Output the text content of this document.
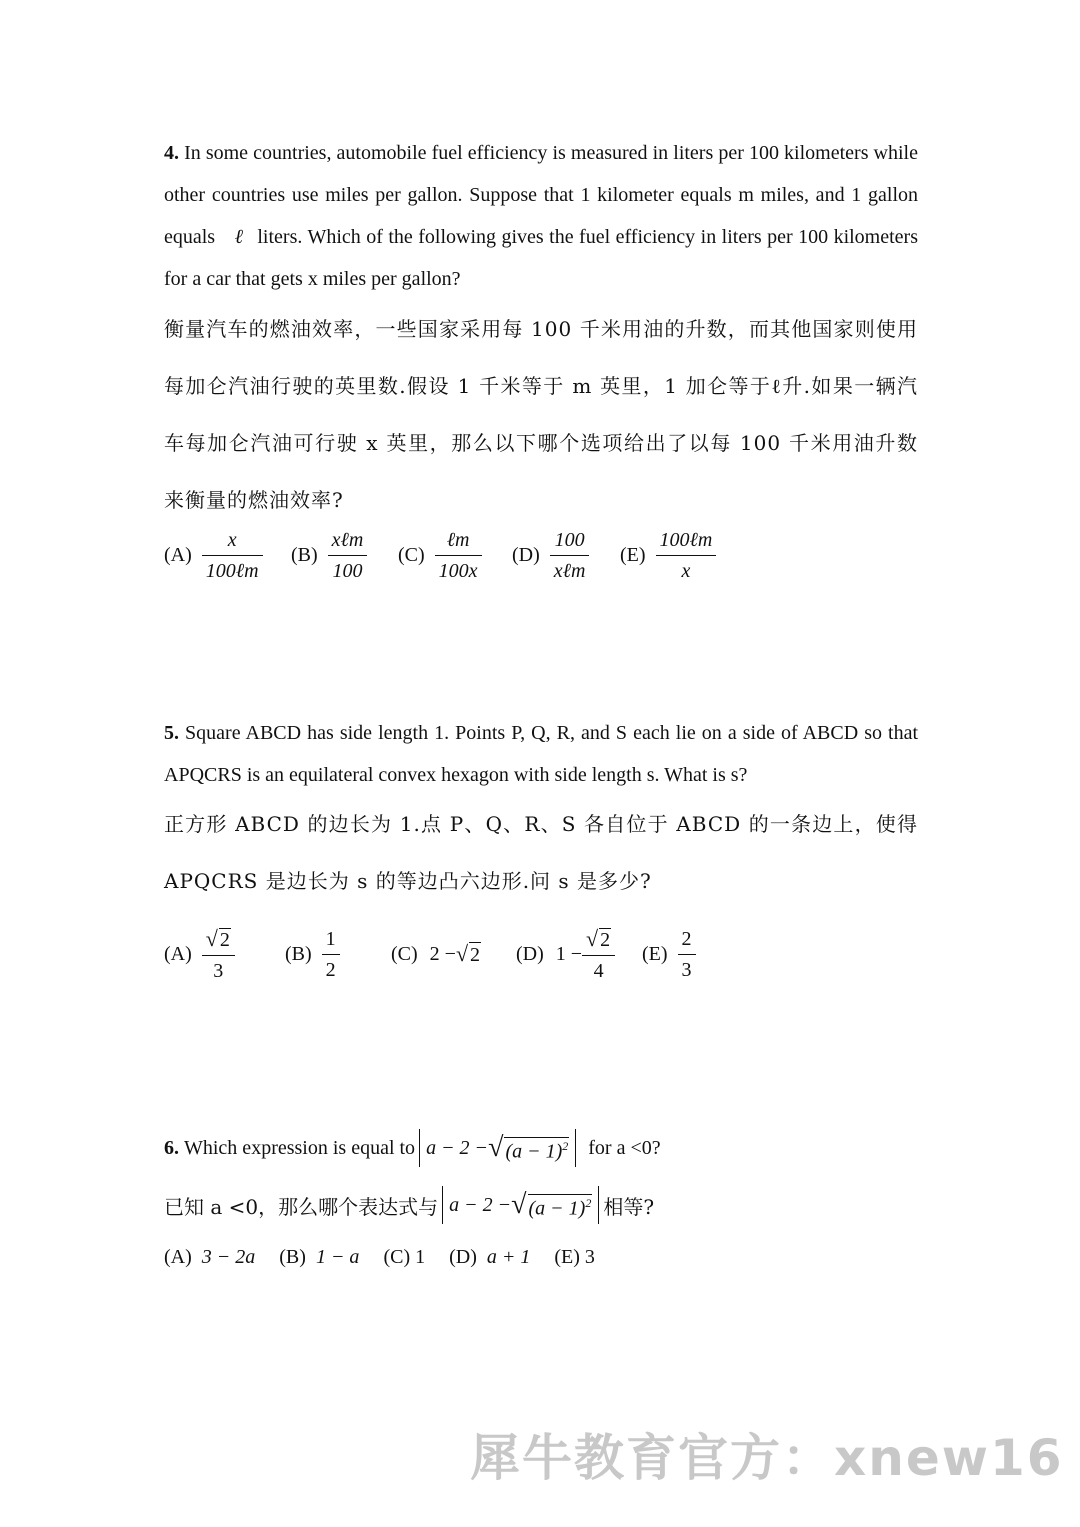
4. In some countries, automobile fuel efficiency is measured in liters per 100 kilometers while other countries use miles per gallon. Suppose that 1 kilometer equals m miles, and 1 gallon equals ℓ liters. Which of the following gives the fuel efficiency in liters per 100 kilometers for a car that gets x miles per gallon?

衡量汽车的燃油效率，一些国家采用每 100 千米用油的升数，而其他国家则使用每加仑汽油行驶的英里数.假设 1 千米等于 m 英里，1 加仑等于ℓ升.如果一辆汽车每加仑汽油可行驶 x 英里，那么以下哪个选项给出了以每 100 千米用油升数来衡量的燃油效率?

$(A) \frac{x}{\text{100ℓm}} (B) \frac{\text{xℓm}}{100} (C) \frac{\text{ℓm}}{100x} (D) \frac{100}{\text{xℓm}} (E) \frac{\text{100ℓm}}{x}$

5. Square ABCD has side length 1. Points P, Q, R, and S each lie on a side of ABCD so that APQCRS is an equilateral convex hexagon with side length s. What is s?

正方形 ABCD 的边长为 1.点 P、Q、R、S 各自位于 ABCD 的一条边上，使得 APQCRS 是边长为 s 的等边凸六边形.问 s 是多少?

$(A) \frac{√ 2}{3}$	$(B) \frac{1}{2}$	(C) 2 − √ 2 (D) $1 - \frac{√ 2}{4} (E) \frac{2}{3}$
6.
Which expression is equal to a − 2 − √ $(a - 1)^2$ for a <0?
已知 a <0，那么哪个表达式与 a − 2 − √ $(a - 1)^2$ 相等?
(A)
3 − 2a (B)
1 − a (C)
1 (D)
a + 1 (E)
3
犀牛教育官方：xnew16
